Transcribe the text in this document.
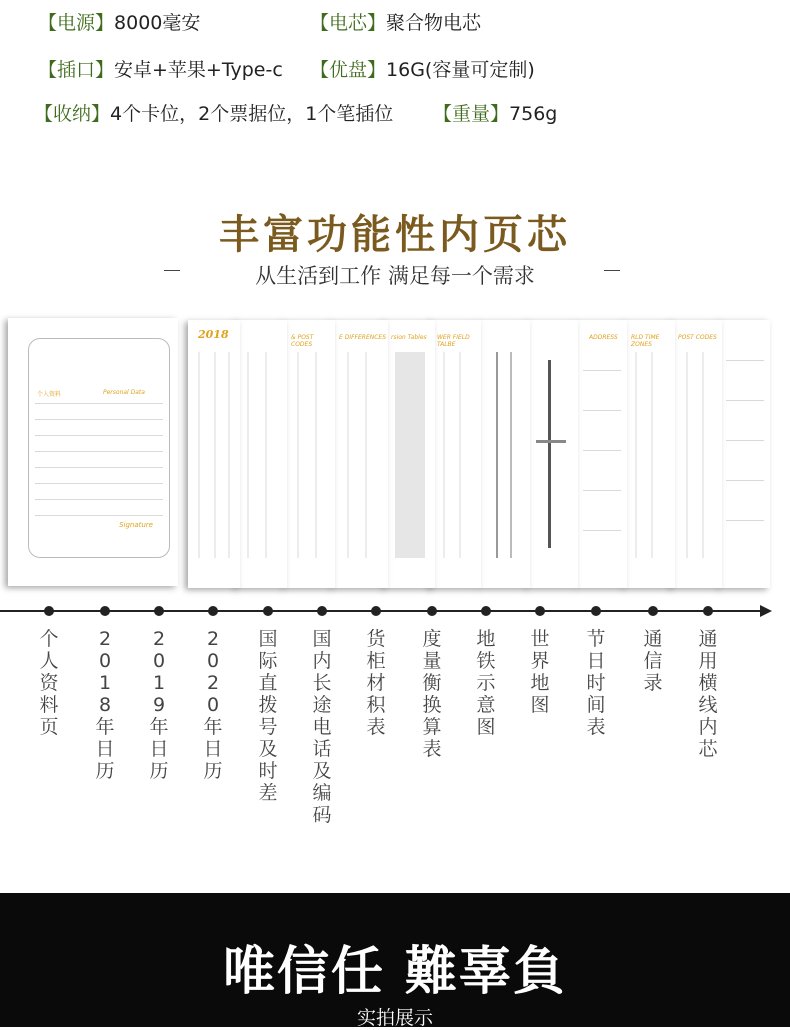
【电源】8000毫安	【电芯】聚合物电芯
【插口】安卓+苹果+Type-c 【优盘】16G(容量可定制)
【收纳】4个卡位，2个票据位，1个笔插位 【重量】756g
丰富功能性内页芯
从生活到工作 满足每一个需求
POST CODES
RLD TIME ZONES
ADDRESS
WER FIELD TALBE
rsion Tables
E DIFFERENCES
& POST CODES
2018
个人资料	Personal Data
Signature
个人资料页
2018年日历
2019年日历
2020年日历
国际直拨号及时差
国内长途电话及编码
货柜材积表
度量衡换算表
地铁示意图
世界地图
节日时间表
通信录
通用横线内芯
唯信任 難辜負
实拍展示
